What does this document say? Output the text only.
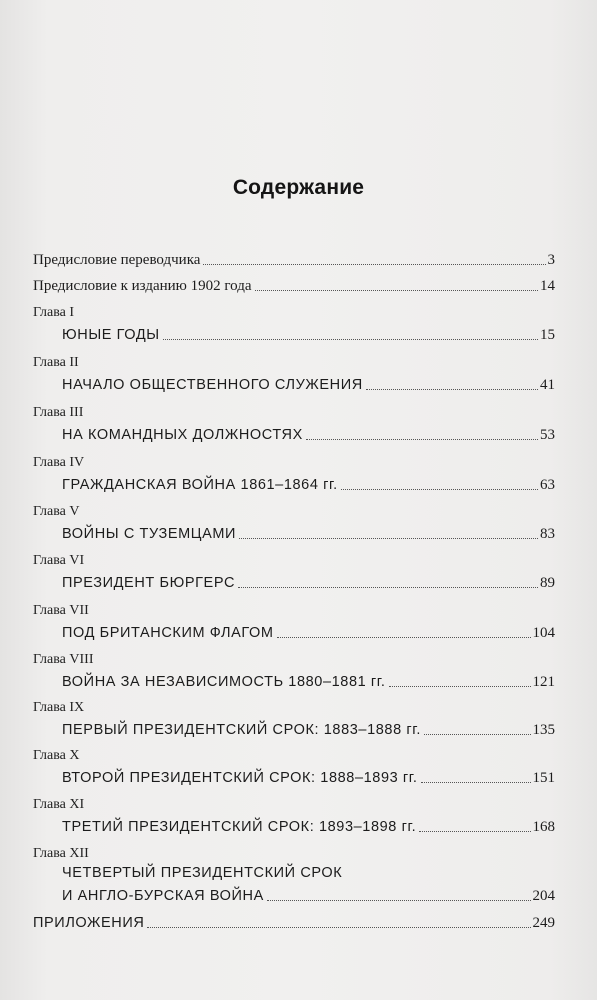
Содержание
Предисловие переводчика	3
Предисловие к изданию 1902 года	14
Глава I
ЮНЫЕ ГОДЫ	15
Глава II
НАЧАЛО ОБЩЕСТВЕННОГО СЛУЖЕНИЯ	41
Глава III
НА КОМАНДНЫХ ДОЛЖНОСТЯХ	53
Глава IV
ГРАЖДАНСКАЯ ВОЙНА 1861–1864 гг.	63
Глава V
ВОЙНЫ С ТУЗЕМЦАМИ	83
Глава VI
ПРЕЗИДЕНТ БЮРГЕРС	89
Глава VII
ПОД БРИТАНСКИМ ФЛАГОМ	104
Глава VIII
ВОЙНА ЗА НЕЗАВИСИМОСТЬ 1880–1881 гг.	121
Глава IX
ПЕРВЫЙ ПРЕЗИДЕНТСКИЙ СРОК: 1883–1888 гг.	135
Глава X
ВТОРОЙ ПРЕЗИДЕНТСКИЙ СРОК: 1888–1893 гг.	151
Глава XI
ТРЕТИЙ ПРЕЗИДЕНТСКИЙ СРОК: 1893–1898 гг.	168
Глава XII
ЧЕТВЕРТЫЙ ПРЕЗИДЕНТСКИЙ СРОК
И АНГЛО-БУРСКАЯ ВОЙНА	204
ПРИЛОЖЕНИЯ	249
